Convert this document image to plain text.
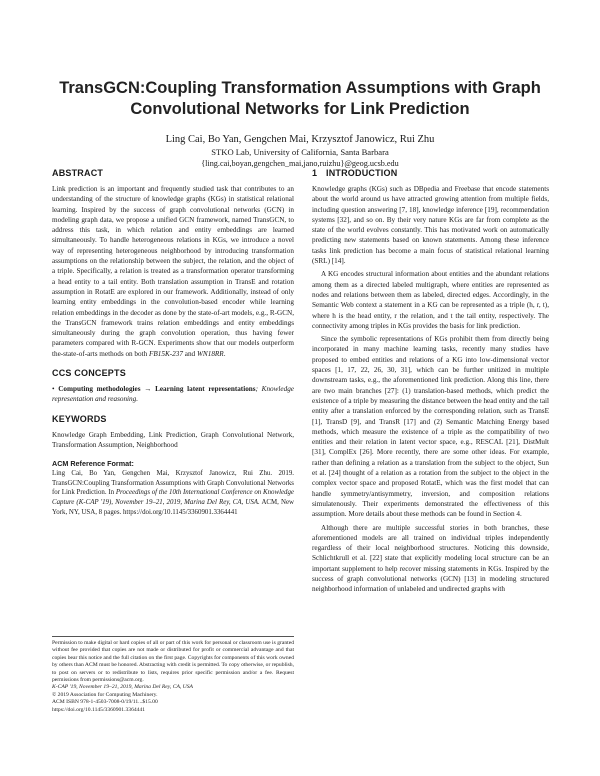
TransGCN:Coupling Transformation Assumptions with Graph Convolutional Networks for Link Prediction
Ling Cai, Bo Yan, Gengchen Mai, Krzysztof Janowicz, Rui Zhu
STKO Lab, University of California, Santa Barbara
{ling.cai,boyan,gengchen_mai,jano,ruizhu}@geog.ucsb.edu
ABSTRACT

Link prediction is an important and frequently studied task that contributes to an understanding of the structure of knowledge graphs (KGs) in statistical relational learning. Inspired by the success of graph convolutional networks (GCN) in modeling graph data, we propose a unified GCN framework, named TransGCN, to address this task, in which relation and entity embeddings are learned simultaneously. To handle heterogeneous relations in KGs, we introduce a novel way of representing heterogeneous neighborhood by introducing transformation assumptions on the relationship between the subject, the relation, and the object of a triple. Specifically, a relation is treated as a transformation operator transforming a head entity to a tail entity. Both translation assumption in TransE and rotation assumption in RotatE are explored in our framework. Additionally, instead of only learning entity embeddings in the convolution-based encoder while learning relation embeddings in the decoder as done by the state-of-art models, e.g., R-GCN, the TransGCN framework trains relation embeddings and entity embeddings simultaneously during the graph convolution operation, thus having fewer parameters compared with R-GCN. Experiments show that our models outperform the-state-of-arts methods on both FB15K-237 and WN18RR.

CCS CONCEPTS
• Computing methodologies → Learning latent representations; Knowledge representation and reasoning.
KEYWORDS

Knowledge Graph Embedding, Link Prediction, Graph Convolutional Network, Transformation Assumption, Neighborhood

ACM Reference Format:
Ling Cai, Bo Yan, Gengchen Mai, Krzysztof Janowicz, Rui Zhu. 2019. TransGCN:Coupling Transformation Assumptions with Graph Convolutional Networks for Link Prediction. In Proceedings of the 10th International Conference on Knowledge Capture (K-CAP '19), November 19–21, 2019, Marina Del Rey, CA, USA. ACM, New York, NY, USA, 8 pages. https://doi.org/10.1145/3360901.3364441

Permission to make digital or hard copies of all or part of this work for personal or classroom use is granted without fee provided that copies are not made or distributed for profit or commercial advantage and that copies bear this notice and the full citation on the first page. Copyrights for components of this work owned by others than ACM must be honored. Abstracting with credit is permitted. To copy otherwise, or republish, to post on servers or to redistribute to lists, requires prior specific permission and/or a fee. Request permissions from permissions@acm.org.

K-CAP '19, November 19–21, 2019, Marina Del Rey, CA, USA

© 2019 Association for Computing Machinery.

ACM ISBN 978-1-4503-7008-0/19/11...$15.00

https://doi.org/10.1145/3360901.3364441

1 INTRODUCTION

Knowledge graphs (KGs) such as DBpedia and Freebase that encode statements about the world around us have attracted growing attention from multiple fields, including question answering [7, 18], knowledge inference [19], recommendation systems [32], and so on. By their very nature KGs are far from complete as the state of the world evolves constantly. This has motivated work on automatically predicting new statements based on known statements. Among these inference tasks link prediction has become a main focus of statistical relational learning (SRL) [14].

A KG encodes structural information about entities and the abundant relations among them as a directed labeled multigraph, where entities are represented as nodes and relations between them as labeled, directed edges. Accordingly, in the Semantic Web context a statement in a KG can be represented as a triple (h, r, t), where h is the head entity, r the relation, and t the tail entity, respectively. The connectivity among triples in KGs provides the basis for link prediction.

Since the symbolic representations of KGs prohibit them from directly being incorporated in many machine learning tasks, recently many studies have proposed to embed entities and relations of a KG into low-dimensional vector spaces [1, 17, 22, 26, 30, 31], which can be further unitized in multiple downstream tasks, e.g., the aforementioned link prediction. Along this line, there are two main branches [27]: (1) translation-based methods, which predict the existence of a triple by measuring the distance between the head entity and the tail entity after a translation enforced by the corresponding relation, such as TransE [1], TransD [9], and TransR [17] and (2) Semantic Matching Energy based methods, which measure the existence of a triple as the compatibility of two entities and their relation in latent vector space, e.g., RESCAL [21], DistMult [31], ComplEx [26]. More recently, there are some other ideas. For example, rather than defining a relation as a translation from the subject to the object, Sun et al. [24] thought of a relation as a rotation from the subject to the object in the complex vector space and proposed RotatE, which was the first model that can handle symmetry/antisymmetry, inversion, and composition relations simulatenously. Their experiments demonstrated the effectiveness of this assumption. More details about these methods can be found in Section 4.

Although there are multiple successful stories in both branches, these aforementioned models are all trained on individual triples independently regardless of their local neighborhood structures. Noticing this downside, Schlichtkrull et al. [22] state that explicitly modeling local structure can be an important supplement to help recover missing statements in KGs. Inspired by the success of graph convolutional networks (GCN) [13] in modeling structured neighborhood information of unlabeled and undirected graphs with
